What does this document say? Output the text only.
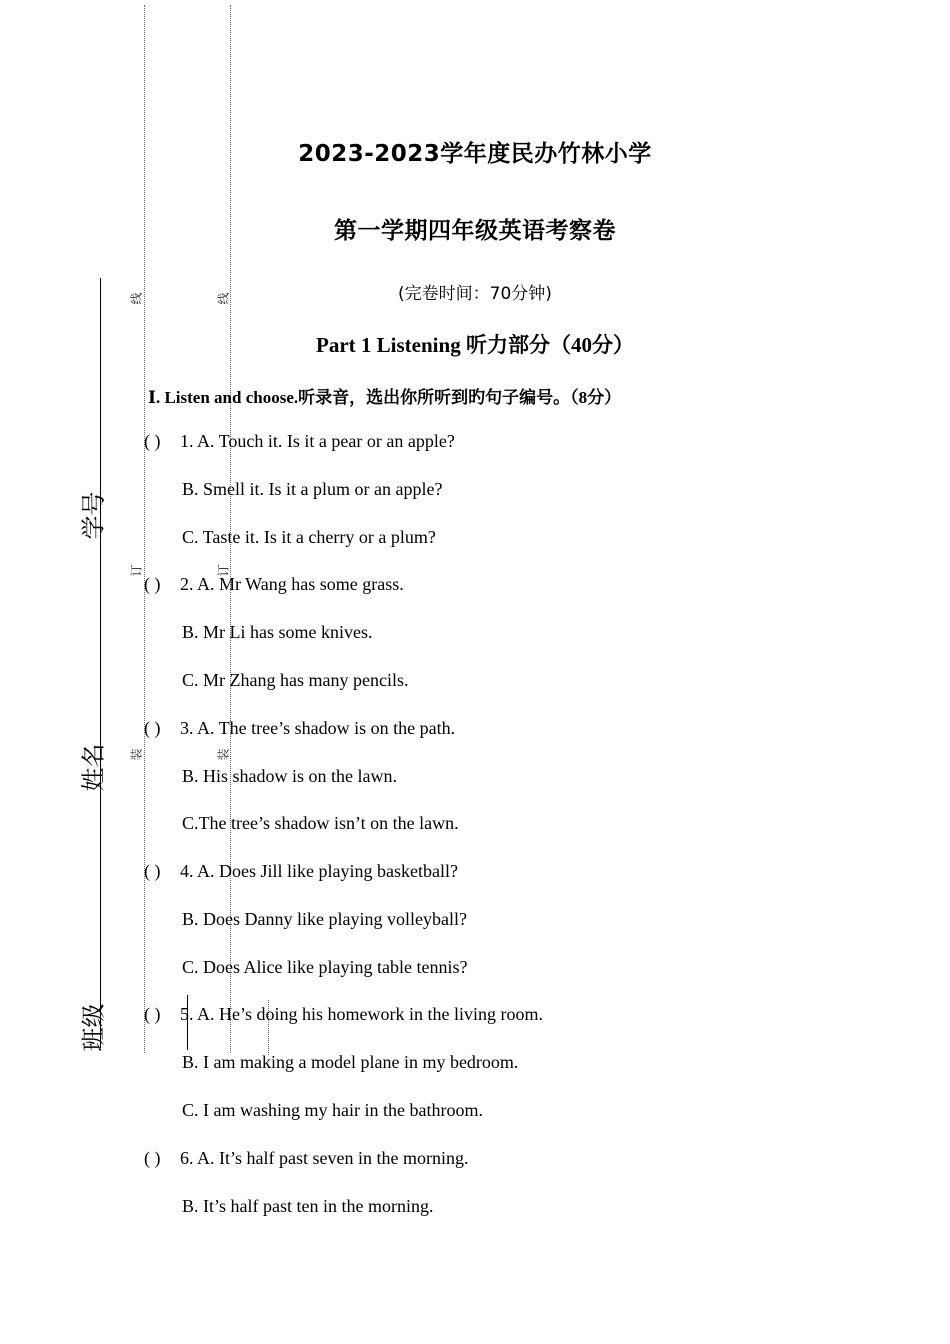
线	线
订	订
装	装
学号
姓名
班级
2023-2023学年度民办竹林小学
第一学期四年级英语考察卷
(完卷时间：70分钟)
Part 1 Listening 听力部分（40分）
Ⅰ. Listen and choose.听录音，选出你所听到旳句子编号。（8分）
( ) 1. A. Touch it. Is it a pear or an apple?
B. Smell it. Is it a plum or an apple?
C. Taste it. Is it a cherry or a plum?
( ) 2. A. Mr Wang has some grass.
B. Mr Li has some knives.
C. Mr Zhang has many pencils.
( ) 3. A. The tree’s shadow is on the path.
B. His shadow is on the lawn.
C.The tree’s shadow isn’t on the lawn.
( ) 4. A. Does Jill like playing basketball?
B. Does Danny like playing volleyball?
C. Does Alice like playing table tennis?
( ) 5. A. He’s doing his homework in the living room.
B. I am making a model plane in my bedroom.
C. I am washing my hair in the bathroom.
( ) 6. A. It’s half past seven in the morning.
B. It’s half past ten in the morning.
